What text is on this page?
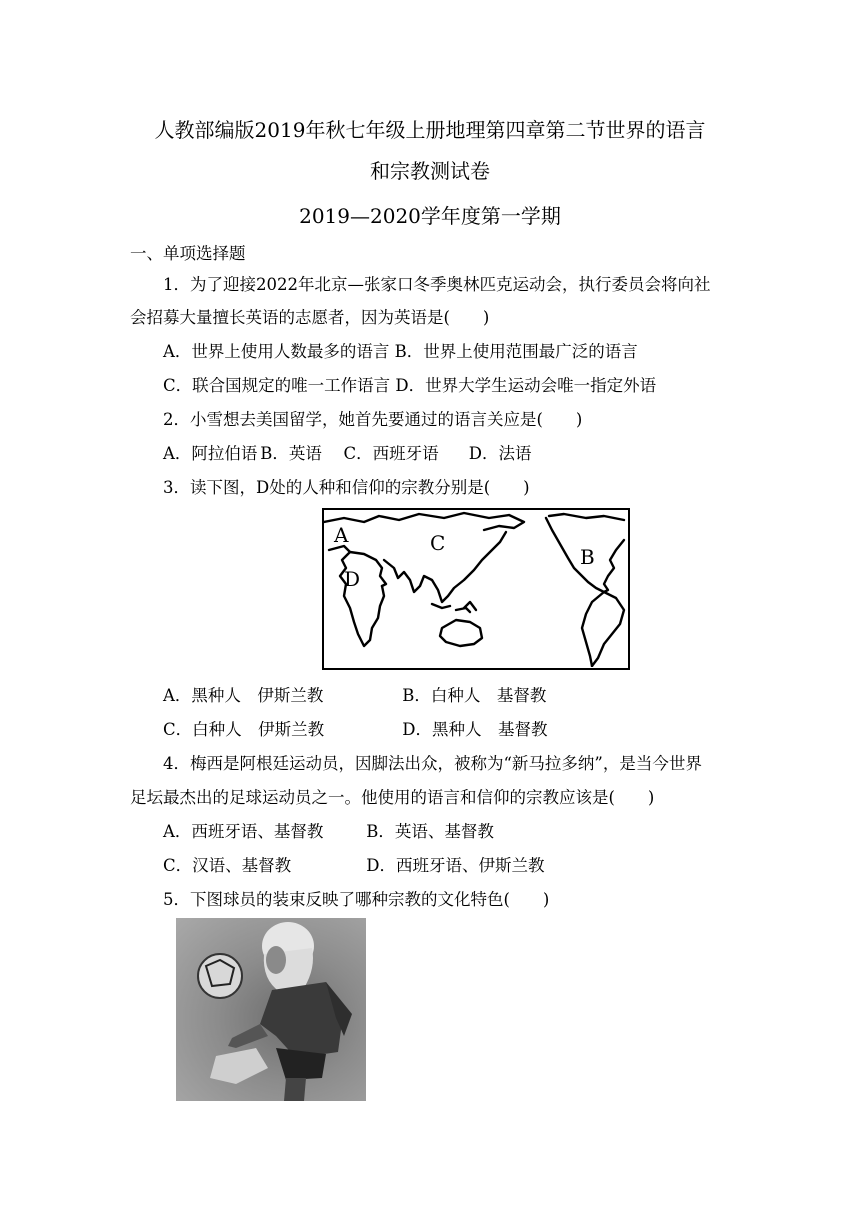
人教部编版2019年秋七年级上册地理第四章第二节世界的语言
和宗教测试卷
2019—2020学年度第一学期
一、单项选择题
1．为了迎接2022年北京—张家口冬季奥林匹克运动会，执行委员会将向社
会招募大量擅长英语的志愿者，因为英语是(　　)
A．世界上使用人数最多的语言 B．世界上使用范围最广泛的语言
C．联合国规定的唯一工作语言 D．世界大学生运动会唯一指定外语
2．小雪想去美国留学，她首先要通过的语言关应是(　　)
A．阿拉伯语 B．英语 C．西班牙语 D．法语
3．读下图，D处的人种和信仰的宗教分别是(　　)
A	C
B
D
A．黑种人　伊斯兰教	B．白种人　基督教
C．白种人　伊斯兰教	D．黑种人　基督教
4．梅西是阿根廷运动员，因脚法出众，被称为“新马拉多纳”，是当今世界
足坛最杰出的足球运动员之一。他使用的语言和信仰的宗教应该是(　　)
A．西班牙语、基督教	B．英语、基督教
C．汉语、基督教	D．西班牙语、伊斯兰教
5．下图球员的装束反映了哪种宗教的文化特色(　　)
